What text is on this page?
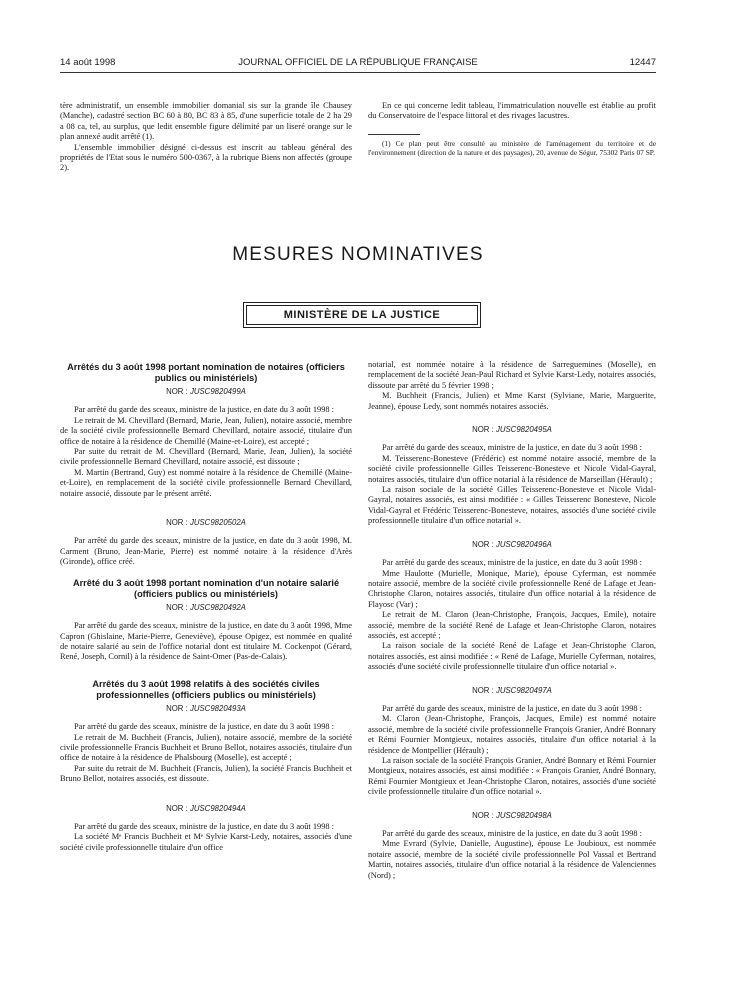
14 août 1998	JOURNAL OFFICIEL DE LA RÉPUBLIQUE FRANÇAISE	12447

tère administratif, un ensemble immobilier domanial sis sur la grande île Chausey (Manche), cadastré section BC 60 à 80, BC 83 à 85, d'une superficie totale de 2 ha 29 a 08 ca, tel, au surplus, que ledit ensemble figure délimité par un liseré orange sur le plan annexé audit arrêté (1).

L'ensemble immobilier désigné ci-dessus est inscrit au tableau général des propriétés de l'Etat sous le numéro 500-0367, à la rubrique Biens non affectés (groupe 2).

En ce qui concerne ledit tableau, l'immatriculation nouvelle est établie au profit du Conservatoire de l'espace littoral et des rivages lacustres.

(1) Ce plan peut être consulté au ministère de l'aménagement du territoire et de l'environnement (direction de la nature et des paysages), 20, avenue de Ségur, 75302 Paris 07 SP.

MESURES NOMINATIVES
MINISTÈRE DE LA JUSTICE

Arrêtés du 3 août 1998 portant nomination de notaires (officiers publics ou ministériels)

NOR : JUSC9820499A

Par arrêté du garde des sceaux, ministre de la justice, en date du 3 août 1998 :

Le retrait de M. Chevillard (Bernard, Marie, Jean, Julien), notaire associé, membre de la société civile professionnelle Bernard Chevillard, notaire associé, titulaire d'un office de notaire à la résidence de Chemillé (Maine-et-Loire), est accepté ;

Par suite du retrait de M. Chevillard (Bernard, Marie, Jean, Julien), la société civile professionnelle Bernard Chevillard, notaire associé, est dissoute ;

M. Martin (Bertrand, Guy) est nommé notaire à la résidence de Chemillé (Maine-et-Loire), en remplacement de la société civile professionnelle Bernard Chevillard, notaire associé, dissoute par le présent arrêté.

NOR : JUSC9820502A

Par arrêté du garde des sceaux, ministre de la justice, en date du 3 août 1998, M. Carment (Bruno, Jean-Marie, Pierre) est nommé notaire à la résidence d'Arès (Gironde), office créé.

Arrêté du 3 août 1998 portant nomination d'un notaire salarié (officiers publics ou ministériels)

NOR : JUSC9820492A

Par arrêté du garde des sceaux, ministre de la justice, en date du 3 août 1998, Mme Capron (Ghislaine, Marie-Pierre, Geneviève), épouse Opigez, est nommée en qualité de notaire salarié au sein de l'office notarial dont est titulaire M. Cockenpot (Gérard, René, Joseph, Cornil) à la résidence de Saint-Omer (Pas-de-Calais).

Arrêtés du 3 août 1998 relatifs à des sociétés civiles professionnelles (officiers publics ou ministériels)

NOR : JUSC9820493A

Par arrêté du garde des sceaux, ministre de la justice, en date du 3 août 1998 :

Le retrait de M. Buchheit (Francis, Julien), notaire associé, membre de la société civile professionnelle Francis Buchheit et Bruno Bellot, notaires associés, titulaire d'un office de notaire à la résidence de Phalsbourg (Moselle), est accepté ;

Par suite du retrait de M. Buchheit (Francis, Julien), la société Francis Buchheit et Bruno Bellot, notaires associés, est dissoute.

NOR : JUSC9820494A

Par arrêté du garde des sceaux, ministre de la justice, en date du 3 août 1998 :

La société Mᵉ Francis Buchheit et Mᵉ Sylvie Karst-Ledy, notaires, associés d'une société civile professionnelle titulaire d'un office

notarial, est nommée notaire à la résidence de Sarreguemines (Moselle), en remplacement de la société Jean-Paul Richard et Sylvie Karst-Ledy, notaires associés, dissoute par arrêté du 5 février 1998 ;

M. Buchheit (Francis, Julien) et Mme Karst (Sylviane, Marie, Marguerite, Jeanne), épouse Ledy, sont nommés notaires associés.

NOR : JUSC9820495A

Par arrêté du garde des sceaux, ministre de la justice, en date du 3 août 1998 :

M. Teisserenc-Bonesteve (Frédéric) est nommé notaire associé, membre de la société civile professionnelle Gilles Teisserenc-Bonesteve et Nicole Vidal-Gayral, notaires associés, titulaire d'un office notarial à la résidence de Marseillan (Hérault) ;

La raison sociale de la société Gilles Teisserenc-Bonesteve et Nicole Vidal-Gayral, notaires associés, est ainsi modifiée : « Gilles Teisserenc Bonesteve, Nicole Vidal-Gayral et Frédéric Teisserenc-Bonesteve, notaires, associés d'une société civile professionnelle titulaire d'un office notarial ».

NOR : JUSC9820496A

Par arrêté du garde des sceaux, ministre de la justice, en date du 3 août 1998 :

Mme Haulotte (Murielle, Monique, Marie), épouse Cyferman, est nommée notaire associé, membre de la société civile professionnelle René de Lafage et Jean-Christophe Claron, notaires associés, titulaire d'un office notarial à la résidence de Flayosc (Var) ;

Le retrait de M. Claron (Jean-Christophe, François, Jacques, Emile), notaire associé, membre de la société René de Lafage et Jean-Christophe Claron, notaires associés, est accepté ;

La raison sociale de la société René de Lafage et Jean-Christophe Claron, notaires associés, est ainsi modifiée : « René de Lafage, Murielle Cyferman, notaires, associés d'une société civile professionnelle titulaire d'un office notarial ».

NOR : JUSC9820497A

Par arrêté du garde des sceaux, ministre de la justice, en date du 3 août 1998 :

M. Claron (Jean-Christophe, François, Jacques, Emile) est nommé notaire associé, membre de la société civile professionnelle François Granier, André Bonnary et Rémi Fournier Montgieux, notaires associés, titulaire d'un office notarial à la résidence de Montpellier (Hérault) ;

La raison sociale de la société François Granier, André Bonnary et Rémi Fournier Montgieux, notaires associés, est ainsi modifiée : « François Granier, André Bonnary, Rémi Fournier Montgieux et Jean-Christophe Claron, notaires, associés d'une société civile professionnelle titulaire d'un office notarial ».

NOR : JUSC9820498A

Par arrêté du garde des sceaux, ministre de la justice, en date du 3 août 1998 :

Mme Evrard (Sylvie, Danielle, Augustine), épouse Le Joubioux, est nommée notaire associé, membre de la société civile professionnelle Pol Vassal et Bertrand Martin, notaires associés, titulaire d'un office notarial à la résidence de Valenciennes (Nord) ;
